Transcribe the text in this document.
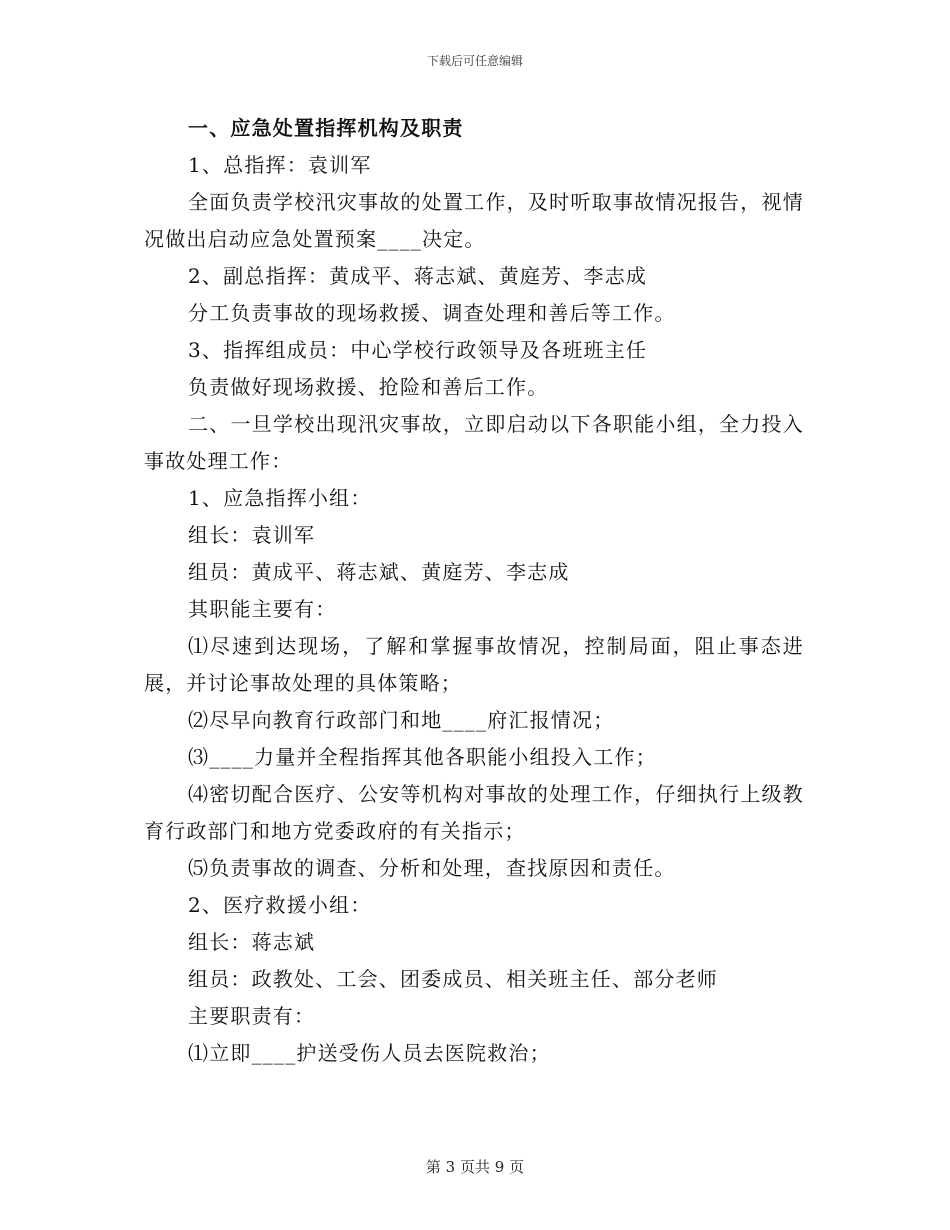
下载后可任意编辑

一、应急处置指挥机构及职责

1、总指挥：袁训军

全面负责学校汛灾事故的处置工作，及时听取事故情况报告，视情况做出启动应急处置预案____决定。

2、副总指挥：黄成平、蒋志斌、黄庭芳、李志成

分工负责事故的现场救援、调查处理和善后等工作。

3、指挥组成员：中心学校行政领导及各班班主任

负责做好现场救援、抢险和善后工作。

二、一旦学校出现汛灾事故，立即启动以下各职能小组，全力投入事故处理工作：

1、应急指挥小组：

组长：袁训军

组员：黄成平、蒋志斌、黄庭芳、李志成

其职能主要有：

⑴尽速到达现场，了解和掌握事故情况，控制局面，阻止事态进展，并讨论事故处理的具体策略；

⑵尽早向教育行政部门和地____府汇报情况；

⑶____力量并全程指挥其他各职能小组投入工作；

⑷密切配合医疗、公安等机构对事故的处理工作，仔细执行上级教育行政部门和地方党委政府的有关指示；

⑸负责事故的调查、分析和处理，查找原因和责任。

2、医疗救援小组：

组长：蒋志斌

组员：政教处、工会、团委成员、相关班主任、部分老师

主要职责有：

⑴立即____护送受伤人员去医院救治；

第 3 页共 9 页
